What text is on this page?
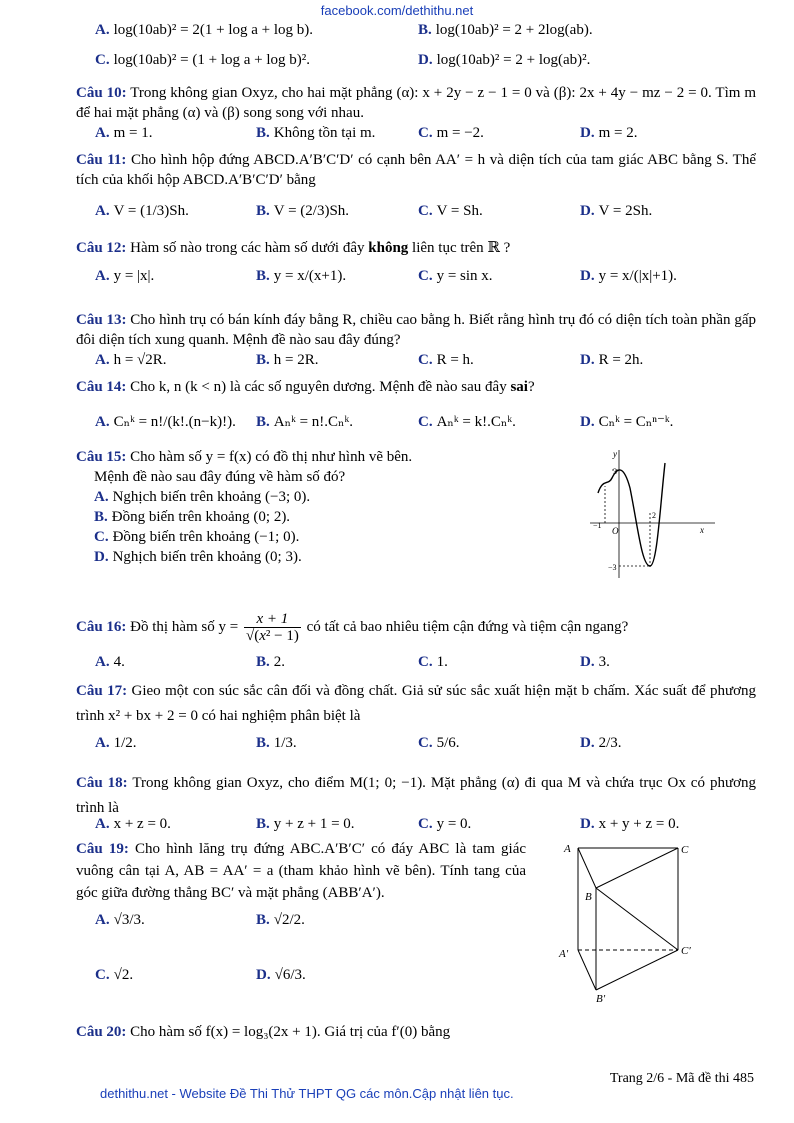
facebook.com/dethithu.net
A. log(10ab)² = 2(1 + log a + log b).	B. log(10ab)² = 2 + 2log(ab).
C. log(10ab)² = (1 + log a + log b)².	D. log(10ab)² = 2 + log(ab)².
Câu 10: Trong không gian Oxyz, cho hai mặt phẳng (α): x + 2y − z − 1 = 0 và (β): 2x + 4y − mz − 2 = 0. Tìm m để hai mặt phẳng (α) và (β) song song với nhau.
A. m = 1.	B. Không tồn tại m.	C. m = −2.	D. m = 2.
Câu 11: Cho hình hộp đứng ABCD.A′B′C′D′ có cạnh bên AA′ = h và diện tích của tam giác ABC bằng S. Thể tích của khối hộp ABCD.A′B′C′D′ bằng
A. V = (1/3)Sh.	B. V = (2/3)Sh.	C. V = Sh.	D. V = 2Sh.
Câu 12: Hàm số nào trong các hàm số dưới đây không liên tục trên ℝ ?
A. y = |x|.	B. y = x/(x+1).	C. y = sin x.	D. y = x/(|x|+1).
Câu 13: Cho hình trụ có bán kính đáy bằng R, chiều cao bằng h. Biết rằng hình trụ đó có diện tích toàn phần gấp đôi diện tích xung quanh. Mệnh đề nào sau đây đúng?
A. h = √2R.	B. h = 2R.	C. R = h.	D. R = 2h.
Câu 14: Cho k, n (k < n) là các số nguyên dương. Mệnh đề nào sau đây sai?
A. Cₙᵏ = n!/(k!.(n−k)!). B. Aₙᵏ = n!.Cₙᵏ.	C. Aₙᵏ = k!.Cₙᵏ.	D. Cₙᵏ = Cₙⁿ⁻ᵏ.
Câu 15: Cho hàm số y = f(x) có đồ thị như hình vẽ bên.
Mệnh đề nào sau đây đúng về hàm số đó?
A. Nghịch biến trên khoảng (−3; 0).
B. Đồng biến trên khoảng (0; 2).
C. Đồng biến trên khoảng (−1; 0).
D. Nghịch biến trên khoảng (0; 3).
y
x
O
3
−1
2
−3
Câu 16: Đồ thị hàm số $y = \frac{x + 1}{\text{√(x² − 1)}}$ có tất cả bao nhiêu tiệm cận đứng và tiệm cận ngang?
A. 4.	B. 2.	C. 1.	D. 3.
Câu 17: Gieo một con súc sắc cân đối và đồng chất. Giả sử súc sắc xuất hiện mặt b chấm. Xác suất để phương trình x² + bx + 2 = 0 có hai nghiệm phân biệt là
A. 1/2.	B. 1/3.	C. 5/6.	D. 2/3.
Câu 18: Trong không gian Oxyz, cho điểm M(1; 0; −1). Mặt phẳng (α) đi qua M và chứa trục Ox có phương trình là
A. x + z = 0.	B. y + z + 1 = 0.	C. y = 0.	D. x + y + z = 0.
Câu 19: Cho hình lăng trụ đứng ABC.A′B′C′ có đáy ABC là tam giác vuông cân tại A, AB = AA′ = a (tham khảo hình vẽ bên). Tính tang của góc giữa đường thẳng BC′ và mặt phẳng (ABB′A′).
A. √3/3.	B. √2/2.
C. √2.	D. √6/3.
A	C
B
A′	C′
B′
Câu 20: Cho hàm số f(x) = log₃(2x + 1). Giá trị của f′(0) bằng
Trang 2/6 - Mã đề thi 485
dethithu.net - Website Đề Thi Thử THPT QG các môn.Cập nhật liên tục.
